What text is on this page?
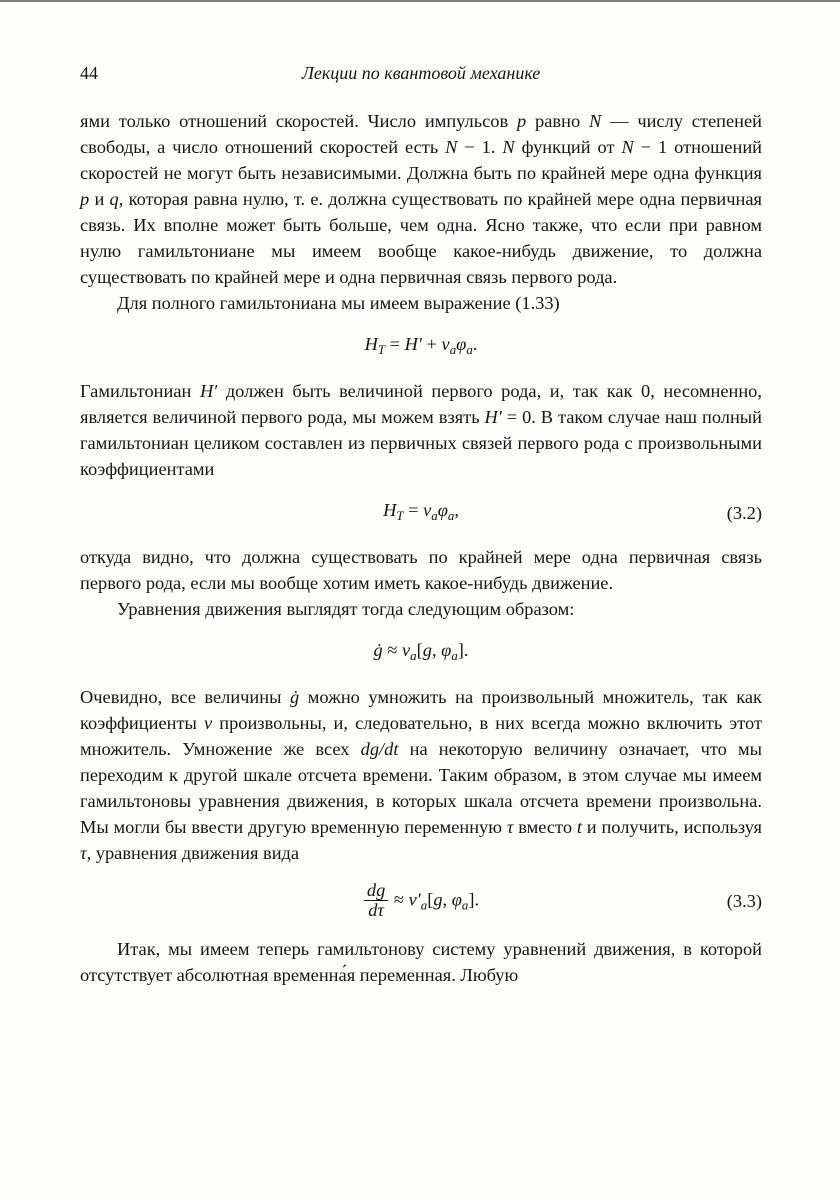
44	Лекции по квантовой механике

ями только отношений скоростей. Число импульсов p равно N — числу степеней свободы, а число отношений скоростей есть N − 1. N функций от N − 1 отношений скоростей не могут быть независимыми. Должна быть по крайней мере одна функция p и q, которая равна нулю, т. е. должна существовать по крайней мере одна первичная связь. Их вполне может быть больше, чем одна. Ясно также, что если при равном нулю гамильтониане мы имеем вообще какое-нибудь движение, то должна существовать по крайней мере и одна первичная связь первого рода.

Для полного гамильтониана мы имеем выражение (1.33)

$H_T = H' + v_a\varphi_a$.

Гамильтониан H′ должен быть величиной первого рода, и, так как 0, несомненно, является величиной первого рода, мы можем взять H′ = 0. В таком случае наш полный гамильтониан целиком составлен из первичных связей первого рода с произвольными коэффициентами

$H_T = v_a\varphi_a$,	(3.2)

откуда видно, что должна существовать по крайней мере одна первичная связь первого рода, если мы вообще хотим иметь какое-нибудь движение.

Уравнения движения выглядят тогда следующим образом:

ġ ≈ $v_a[g$, $\varphi_a$].

Очевидно, все величины ġ можно умножить на произвольный множитель, так как коэффициенты v произвольны, и, следовательно, в них всегда можно включить этот множитель. Умножение же всех dg/dt на некоторую величину означает, что мы переходим к другой шкале отсчета времени. Таким образом, в этом случае мы имеем гамильтоновы уравнения движения, в которых шкала отсчета времени произвольна. Мы могли бы ввести другую временную переменную τ вместо t и получить, используя τ, уравнения движения вида

$\frac{dg}{d\tau} \approx v'_a[g$, $\varphi_a$].	(3.3)

Итак, мы имеем теперь гамильтонову систему уравнений движения, в которой отсутствует абсолютная временна́я переменная. Любую
